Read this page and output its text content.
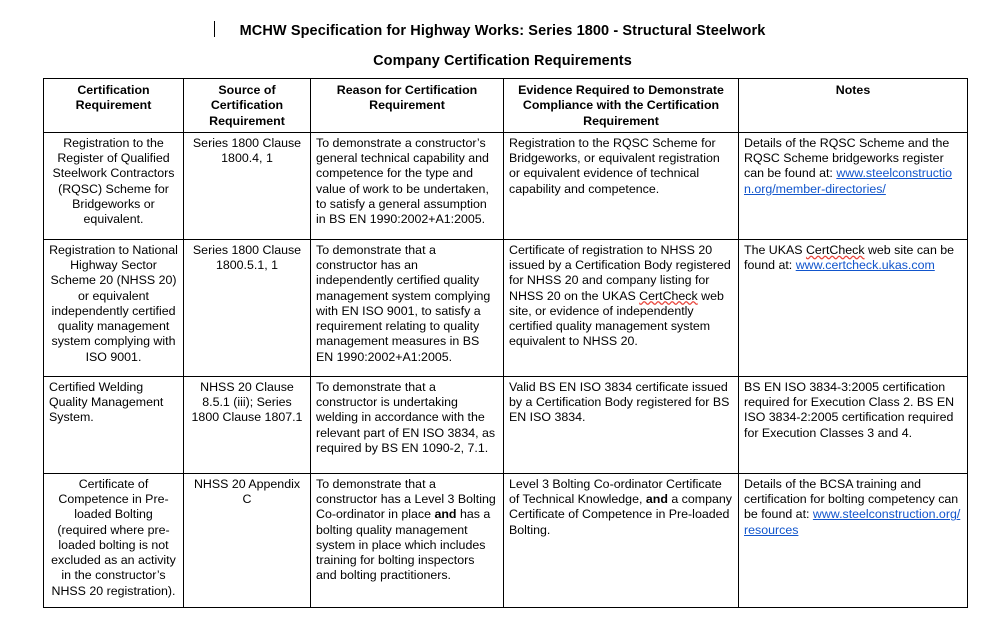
MCHW Specification for Highway Works: Series 1800 - Structural Steelwork
Company Certification Requirements
Certification Requirement	Source of Certification Requirement	Reason for Certification Requirement	Evidence Required to Demonstrate Compliance with the Certification Requirement	Notes
Registration to the Register of Qualified Steelwork Contractors (RQSC) Scheme for Bridgeworks or equivalent.	Series 1800 Clause 1800.4, 1	To demonstrate a constructor’s general technical capability and competence for the type and value of work to be undertaken, to satisfy a general assumption in BS EN 1990:2002+A1:2005.	Registration to the RQSC Scheme for Bridgeworks, or equivalent registration or equivalent evidence of technical capability and competence.	Details of the RQSC Scheme and the RQSC Scheme bridgeworks register can be found at: www.steelconstruction.org/member-directories/
Registration to National Highway Sector Scheme 20 (NHSS 20) or equivalent independently certified quality management system complying with ISO 9001.	Series 1800 Clause 1800.5.1, 1	To demonstrate that a constructor has an independently certified quality management system complying with EN ISO 9001, to satisfy a requirement relating to quality management measures in BS EN 1990:2002+A1:2005.	Certificate of registration to NHSS 20 issued by a Certification Body registered for NHSS 20 and company listing for NHSS 20 on the UKAS CertCheck web site, or evidence of independently certified quality management system equivalent to NHSS 20.	The UKAS CertCheck web site can be found at: www.certcheck.ukas.com
Certified Welding Quality Management System.	NHSS 20 Clause 8.5.1 (iii); Series 1800 Clause 1807.1	To demonstrate that a constructor is undertaking welding in accordance with the relevant part of EN ISO 3834, as required by BS EN 1090-2, 7.1.	Valid BS EN ISO 3834 certificate issued by a Certification Body registered for BS EN ISO 3834.	BS EN ISO 3834-3:2005 certification required for Execution Class 2. BS EN ISO 3834-2:2005 certification required for Execution Classes 3 and 4.
Certificate of Competence in Pre-loaded Bolting (required where pre-loaded bolting is not excluded as an activity in the constructor’s NHSS 20 registration).	NHSS 20 Appendix C	To demonstrate that a constructor has a Level 3 Bolting Co-ordinator in place and has a bolting quality management system in place which includes training for bolting inspectors and bolting practitioners.	Level 3 Bolting Co-ordinator Certificate of Technical Knowledge, and a company Certificate of Competence in Pre-loaded Bolting.	Details of the BCSA training and certification for bolting competency can be found at: www.steelconstruction.org/resources
